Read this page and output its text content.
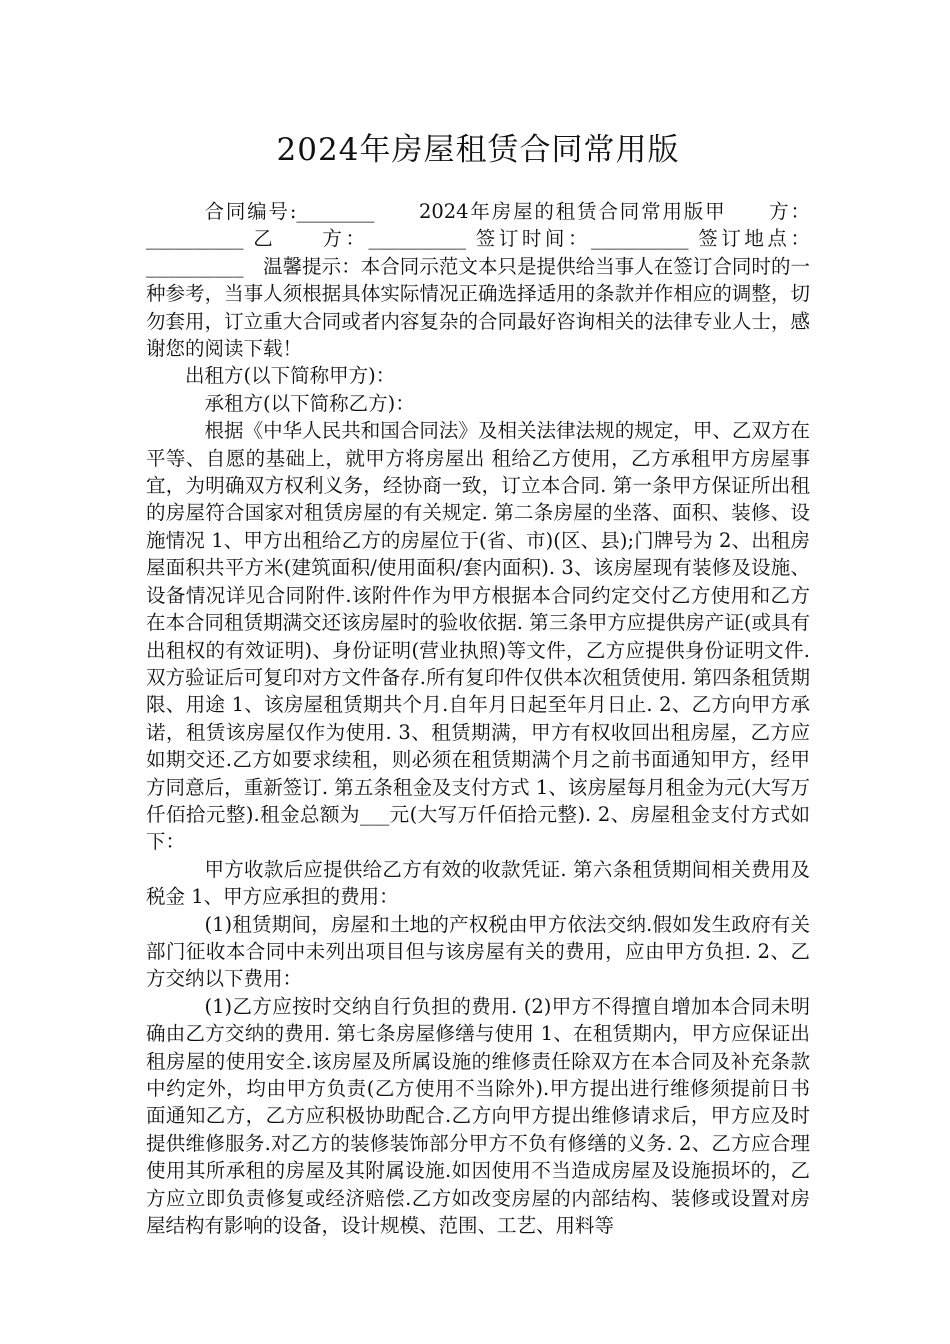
2024年房屋租赁合同常用版

合同编号:________　　2024年房屋的租赁合同常用版甲　　方：__________ 乙　　方：__________ 签订时间：__________ 签订地点：__________　温馨提示：本合同示范文本只是提供给当事人在签订合同时的一种参考，当事人须根据具体实际情况正确选择适用的条款并作相应的调整，切勿套用，订立重大合同或者内容复杂的合同最好咨询相关的法律专业人士，感谢您的阅读下载！

出租方(以下简称甲方)：

承租方(以下简称乙方)：

根据《中华人民共和国合同法》及相关法律法规的规定，甲、乙双方在平等、自愿的基础上，就甲方将房屋出 租给乙方使用，乙方承租甲方房屋事宜，为明确双方权利义务，经协商一致，订立本合同. 第一条甲方保证所出租的房屋符合国家对租赁房屋的有关规定. 第二条房屋的坐落、面积、装修、设施情况 1、甲方出租给乙方的房屋位于(省、市)(区、县);门牌号为 2、出租房屋面积共平方米(建筑面积/使用面积/套内面积). 3、该房屋现有装修及设施、设备情况详见合同附件.该附件作为甲方根据本合同约定交付乙方使用和乙方在本合同租赁期满交还该房屋时的验收依据. 第三条甲方应提供房产证(或具有出租权的有效证明)、身份证明(营业执照)等文件，乙方应提供身份证明文件.双方验证后可复印对方文件备存.所有复印件仅供本次租赁使用. 第四条租赁期限、用途 1、该房屋租赁期共个月.自年月日起至年月日止. 2、乙方向甲方承诺，租赁该房屋仅作为使用. 3、租赁期满，甲方有权收回出租房屋，乙方应如期交还.乙方如要求续租，则必须在租赁期满个月之前书面通知甲方，经甲方同意后，重新签订. 第五条租金及支付方式 1、该房屋每月租金为元(大写万仟佰拾元整).租金总额为___元(大写万仟佰拾元整). 2、房屋租金支付方式如下：

甲方收款后应提供给乙方有效的收款凭证. 第六条租赁期间相关费用及税金 1、甲方应承担的费用：

(1)租赁期间，房屋和土地的产权税由甲方依法交纳.假如发生政府有关部门征收本合同中未列出项目但与该房屋有关的费用，应由甲方负担. 2、乙方交纳以下费用：

(1)乙方应按时交纳自行负担的费用. (2)甲方不得擅自增加本合同未明确由乙方交纳的费用. 第七条房屋修缮与使用 1、在租赁期内，甲方应保证出租房屋的使用安全.该房屋及所属设施的维修责任除双方在本合同及补充条款中约定外，均由甲方负责(乙方使用不当除外).甲方提出进行维修须提前日书面通知乙方，乙方应积极协助配合.乙方向甲方提出维修请求后，甲方应及时提供维修服务.对乙方的装修装饰部分甲方不负有修缮的义务. 2、乙方应合理使用其所承租的房屋及其附属设施.如因使用不当造成房屋及设施损坏的，乙方应立即负责修复或经济赔偿.乙方如改变房屋的内部结构、装修或设置对房屋结构有影响的设备，设计规模、范围、工艺、用料等
